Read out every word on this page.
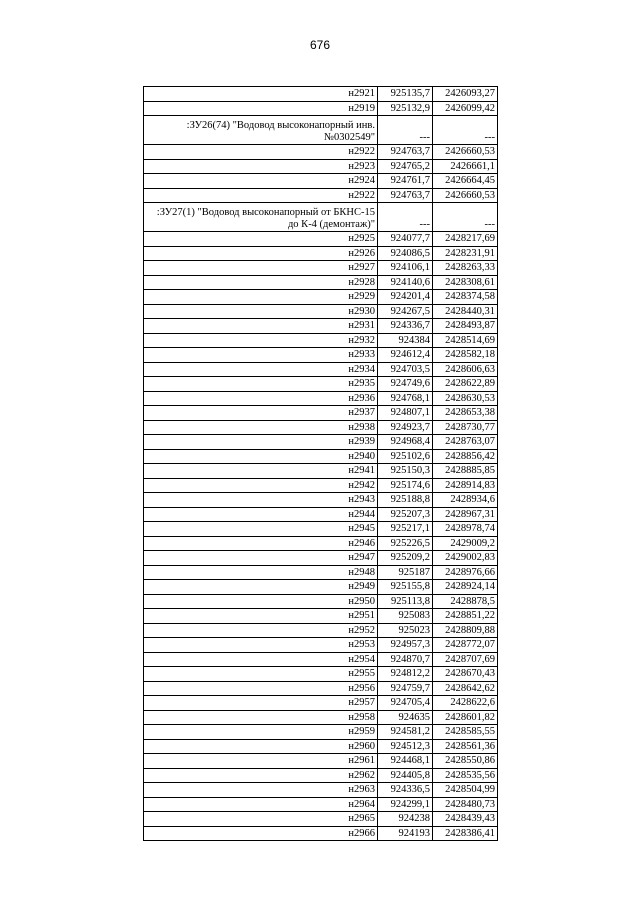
676
н2921	925135,7	2426093,27
н2919	925132,9	2426099,42
:ЗУ26(74) "Водовод высоконапорный инв. №0302549"	---	---
н2922	924763,7	2426660,53
н2923	924765,2	2426661,1
н2924	924761,7	2426664,45
н2922	924763,7	2426660,53
:ЗУ27(1) "Водовод высоконапорный от БКНС-15 до К-4 (демонтаж)"	---	---
н2925	924077,7	2428217,69
н2926	924086,5	2428231,91
н2927	924106,1	2428263,33
н2928	924140,6	2428308,61
н2929	924201,4	2428374,58
н2930	924267,5	2428440,31
н2931	924336,7	2428493,87
н2932	924384	2428514,69
н2933	924612,4	2428582,18
н2934	924703,5	2428606,63
н2935	924749,6	2428622,89
н2936	924768,1	2428630,53
н2937	924807,1	2428653,38
н2938	924923,7	2428730,77
н2939	924968,4	2428763,07
н2940	925102,6	2428856,42
н2941	925150,3	2428885,85
н2942	925174,6	2428914,83
н2943	925188,8	2428934,6
н2944	925207,3	2428967,31
н2945	925217,1	2428978,74
н2946	925226,5	2429009,2
н2947	925209,2	2429002,83
н2948	925187	2428976,66
н2949	925155,8	2428924,14
н2950	925113,8	2428878,5
н2951	925083	2428851,22
н2952	925023	2428809,88
н2953	924957,3	2428772,07
н2954	924870,7	2428707,69
н2955	924812,2	2428670,43
н2956	924759,7	2428642,62
н2957	924705,4	2428622,6
н2958	924635	2428601,82
н2959	924581,2	2428585,55
н2960	924512,3	2428561,36
н2961	924468,1	2428550,86
н2962	924405,8	2428535,56
н2963	924336,5	2428504,99
н2964	924299,1	2428480,73
н2965	924238	2428439,43
н2966	924193	2428386,41
